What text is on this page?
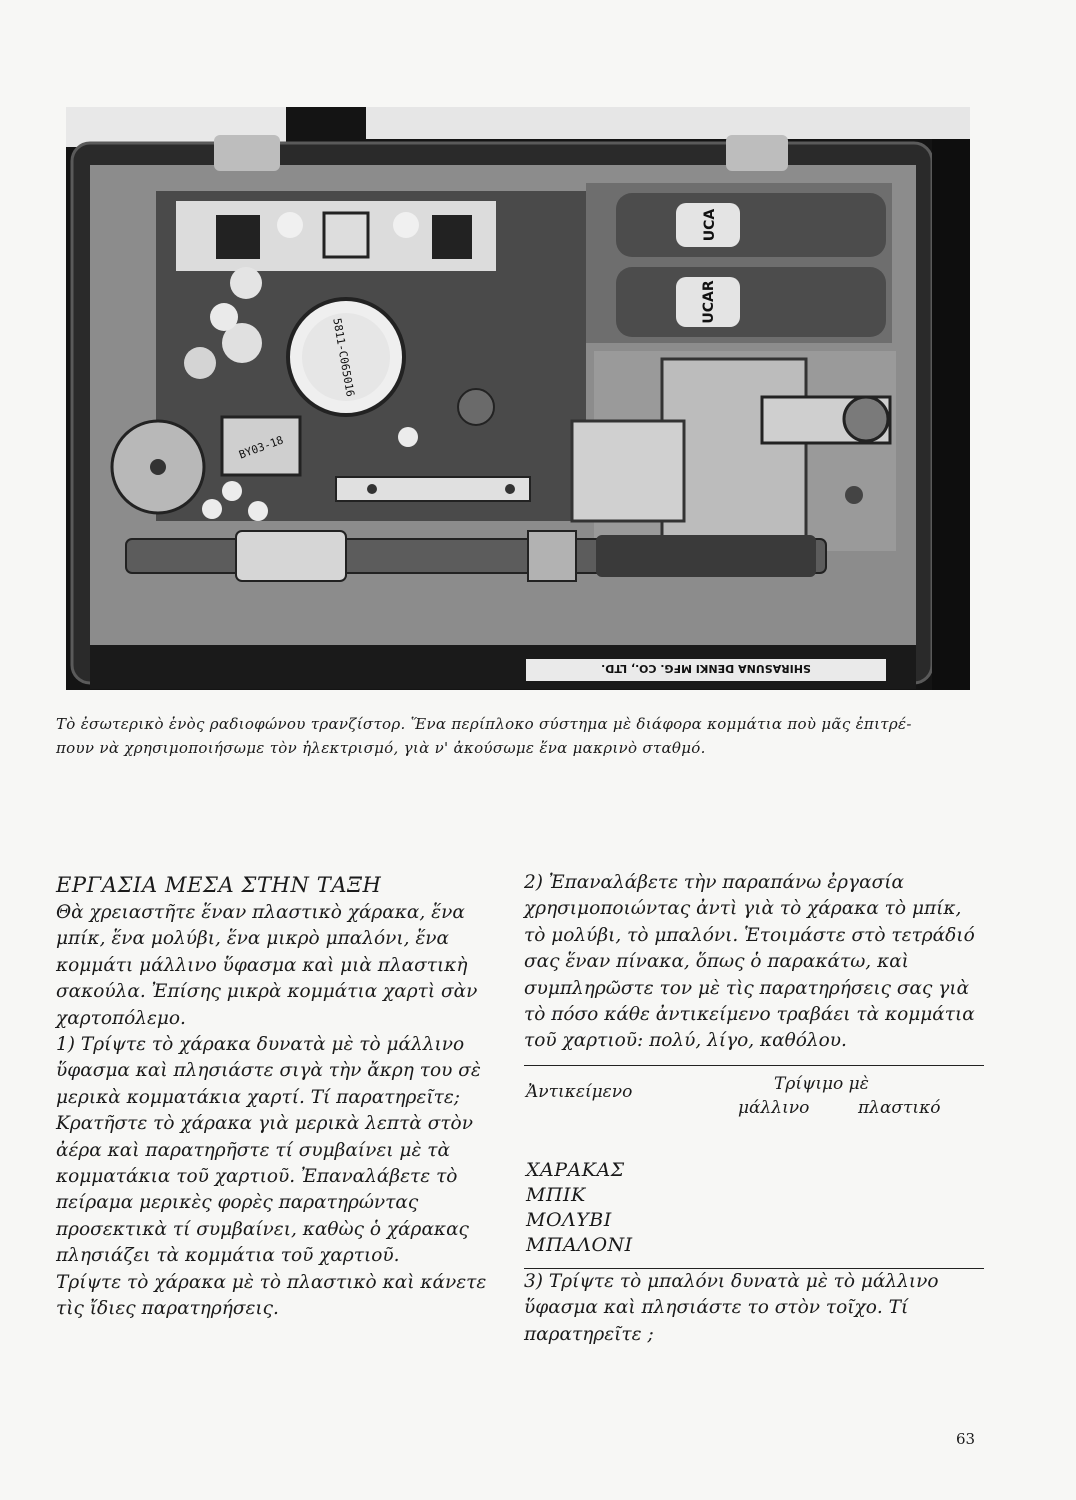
5811-C065016
BY03-18
UCA
UCAR
SHIRASUNA DENKI MFG. CO., LTD.

Τὸ ἐσωτερικὸ ἑνὸς ραδιοφώνου τρανζίστορ. Ἕνα περίπλοκο σύστημα μὲ διάφορα κομμάτια ποὺ μᾶς ἐπιτρέ-

πουν νὰ χρησιμοποιήσωμε τὸν ἠλεκτρισμό, γιὰ ν' ἀκούσωμε ἕνα μακρινὸ σταθμό.

ΕΡΓΑΣΙΑ ΜΕΣΑ ΣΤΗΝ ΤΑΞΗ

Θὰ χρειαστῆτε ἕναν πλαστικὸ χάρακα, ἕνα μπίκ, ἕνα μολύβι, ἕνα μικρὸ μπαλόνι, ἕνα κομμάτι μάλλινο ὕφασμα καὶ μιὰ πλαστικὴ σακούλα. Ἐπίσης μικρὰ κομμάτια χαρτὶ σὰν χαρτοπόλεμο.

1) Τρίψτε τὸ χάρακα δυνατὰ μὲ τὸ μάλλινο ὕφασμα καὶ πλησιάστε σιγὰ τὴν ἄκρη του σὲ μερικὰ κομματάκια χαρτί. Τί παρατηρεῖτε; Κρατῆστε τὸ χάρακα γιὰ μερικὰ λεπτὰ στὸν ἀέρα καὶ παρατηρῆστε τί συμβαίνει μὲ τὰ κομματάκια τοῦ χαρτιοῦ. Ἐπαναλάβετε τὸ πείραμα μερικὲς φορὲς παρατηρώντας προσεκτικὰ τί συμβαίνει, καθὼς ὁ χάρακας πλησιάζει τὰ κομμάτια τοῦ χαρτιοῦ.

Τρίψτε τὸ χάρακα μὲ τὸ πλαστικὸ καὶ κάνετε τὶς ἴδιες παρατηρήσεις.

2) Ἐπαναλάβετε τὴν παραπάνω ἐργασία χρησιμοποιώντας ἀντὶ γιὰ τὸ χάρακα τὸ μπίκ, τὸ μολύβι, τὸ μπαλόνι. Ἑτοιμάστε στὸ τετράδιό σας ἕναν πίνακα, ὅπως ὁ παρακάτω, καὶ συμπληρῶστε τον μὲ τὶς παρατηρήσεις σας γιὰ τὸ πόσο κάθε ἀντικείμενο τραβάει τὰ κομμάτια τοῦ χαρτιοῦ: πολύ, λίγο, καθόλου.

Ἀντικείμενο	Τρίψιμο μὲ
μάλλινο	πλαστικό
ΧΑΡΑΚΑΣ
ΜΠΙΚ
ΜΟΛΥΒΙ
ΜΠΑΛΟΝΙ

3) Τρίψτε τὸ μπαλόνι δυνατὰ μὲ τὸ μάλλινο ὕφασμα καὶ πλησιάστε το στὸν τοῖχο. Τί παρατηρεῖτε ;

63
